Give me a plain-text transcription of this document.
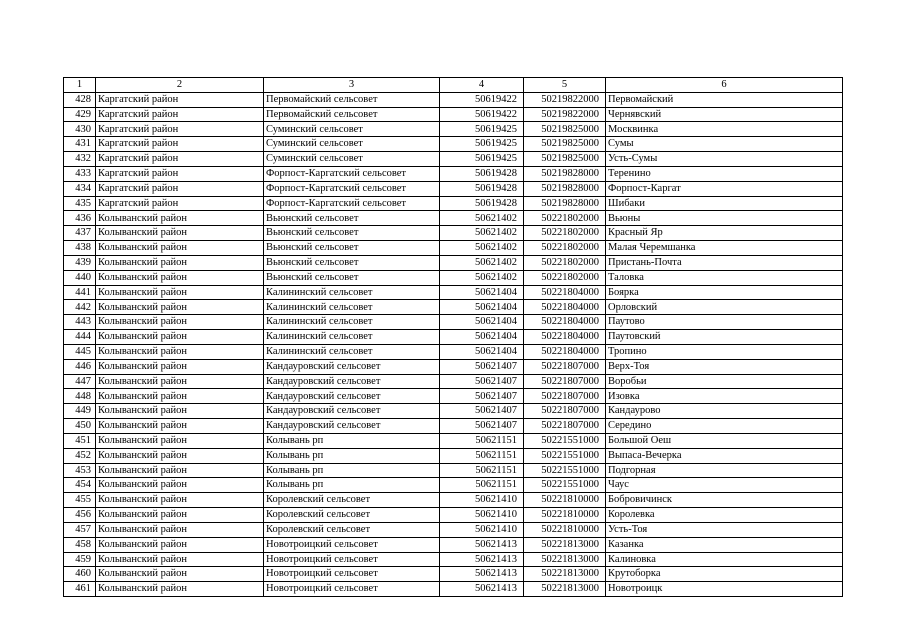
1	2	3	4	5	6
428	Каргатский район	Первомайский сельсовет	50619422	50219822000	Первомайский
429	Каргатский район	Первомайский сельсовет	50619422	50219822000	Чернявский
430	Каргатский район	Суминский сельсовет	50619425	50219825000	Москвинка
431	Каргатский район	Суминский сельсовет	50619425	50219825000	Сумы
432	Каргатский район	Суминский сельсовет	50619425	50219825000	Усть-Сумы
433	Каргатский район	Форпост-Каргатский сельсовет	50619428	50219828000	Теренино
434	Каргатский район	Форпост-Каргатский сельсовет	50619428	50219828000	Форпост-Каргат
435	Каргатский район	Форпост-Каргатский сельсовет	50619428	50219828000	Шибаки
436	Колыванский район	Вьюнский сельсовет	50621402	50221802000	Вьюны
437	Колыванский район	Вьюнский сельсовет	50621402	50221802000	Красный Яр
438	Колыванский район	Вьюнский сельсовет	50621402	50221802000	Малая Черемшанка
439	Колыванский район	Вьюнский сельсовет	50621402	50221802000	Пристань-Почта
440	Колыванский район	Вьюнский сельсовет	50621402	50221802000	Таловка
441	Колыванский район	Калининский сельсовет	50621404	50221804000	Боярка
442	Колыванский район	Калининский сельсовет	50621404	50221804000	Орловский
443	Колыванский район	Калининский сельсовет	50621404	50221804000	Паутово
444	Колыванский район	Калининский сельсовет	50621404	50221804000	Паутовский
445	Колыванский район	Калининский сельсовет	50621404	50221804000	Тропино
446	Колыванский район	Кандауровский сельсовет	50621407	50221807000	Верх-Тоя
447	Колыванский район	Кандауровский сельсовет	50621407	50221807000	Воробьи
448	Колыванский район	Кандауровский сельсовет	50621407	50221807000	Изовка
449	Колыванский район	Кандауровский сельсовет	50621407	50221807000	Кандаурово
450	Колыванский район	Кандауровский сельсовет	50621407	50221807000	Середино
451	Колыванский район	Колывань рп	50621151	50221551000	Большой Оеш
452	Колыванский район	Колывань рп	50621151	50221551000	Выпаса-Вечерка
453	Колыванский район	Колывань рп	50621151	50221551000	Подгорная
454	Колыванский район	Колывань рп	50621151	50221551000	Чаус
455	Колыванский район	Королевский сельсовет	50621410	50221810000	Бобровичинск
456	Колыванский район	Королевский сельсовет	50621410	50221810000	Королевка
457	Колыванский район	Королевский сельсовет	50621410	50221810000	Усть-Тоя
458	Колыванский район	Новотроицкий сельсовет	50621413	50221813000	Казанка
459	Колыванский район	Новотроицкий сельсовет	50621413	50221813000	Калиновка
460	Колыванский район	Новотроицкий сельсовет	50621413	50221813000	Крутоборка
461	Колыванский район	Новотроицкий сельсовет	50621413	50221813000	Новотроицк
